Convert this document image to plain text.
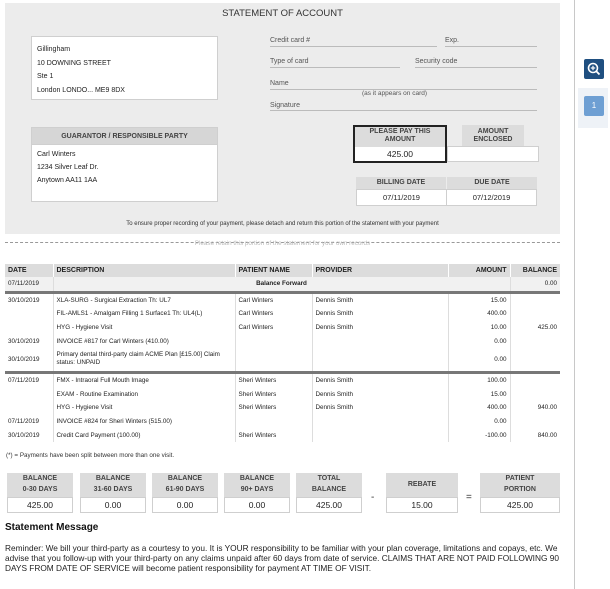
STATEMENT OF ACCOUNT
Gillingham
10 DOWNING STREET
Ste 1
London LONDO... ME9 8DX
Credit card #	Exp.
Type of card	Security code
Name
(as it appears on card)
Signature
GUARANTOR / RESPONSIBLE PARTY
Carl Winters
1234 Silver Leaf Dr.
Anytown AA11 1AA
PLEASE PAY THIS AMOUNT
425.00
AMOUNT ENCLOSED
BILLING DATE	DUE DATE
07/11/2019	07/12/2019
To ensure proper recording of your payment, please detach and return this portion of the statement with your payment
Please retain this portion of the statement for your own records
DATE	DESCRIPTION	PATIENT NAME	PROVIDER	AMOUNT	BALANCE
07/11/2019	Balance Forward				0.00

30/10/2019	XLA-SURG - Surgical Extraction Th: UL7	Carl Winters	Dennis Smith	15.00	
	FIL-AMLS1 - Amalgam Filling 1 Surface1 Th: UL4(L)	Carl Winters	Dennis Smith	400.00	
	HYG - Hygiene Visit	Carl Winters	Dennis Smith	10.00	425.00
30/10/2019	INVOICE #817 for Carl Winters (410.00)			0.00	
30/10/2019	Primary dental third-party claim ACME Plan [£15.00] Claim status: UNPAID			0.00	

07/11/2019	FMX - Intraoral Full Mouth Image	Sheri Winters	Dennis Smith	100.00	
	EXAM - Routine Examination	Sheri Winters	Dennis Smith	15.00	
	HYG - Hygiene Visit	Sheri Winters	Dennis Smith	400.00	940.00
07/11/2019	INVOICE #824 for Sheri Winters (515.00)			0.00	
30/10/2019	Credit Card Payment (100.00)	Sheri Winters		-100.00	840.00
(*) = Payments have been split between more than one visit.
BALANCE
0-30 DAYS
425.00
BALANCE
31-60 DAYS
0.00
BALANCE
61-90 DAYS
0.00
BALANCE
90+ DAYS
0.00
TOTAL
BALANCE
425.00
-
REBATE
15.00
=
PATIENT
PORTION
425.00
Statement Message
Reminder: We bill your third-party as a courtesy to you. It is YOUR responsibility to be familiar with your plan coverage, limitations and copays, etc. We advise that you follow-up with your third-party on any claims unpaid after 60 days from date of service. CLAIMS THAT ARE NOT PAID FOLLOWING 90 DAYS FROM DATE OF SERVICE will become patient responsibility for payment AT TIME OF VISIT.
1
